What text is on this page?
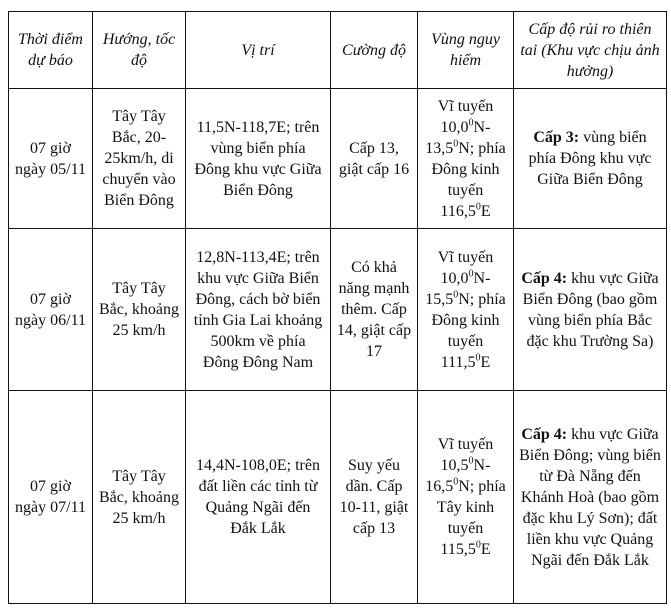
Thời điểm dự báo	Hướng, tốc độ	Vị trí	Cường độ	Vùng nguy hiểm	Cấp độ rủi ro thiên tai (Khu vực chịu ảnh hưởng)
07 giờ ngày 05/11	Tây Tây Bắc, 20-25km/h, di chuyển vào Biển Đông	11,5N-118,7E; trên vùng biển phía Đông khu vực Giữa Biển Đông	Cấp 13, giật cấp 16	Vĩ tuyến 10,0$^0$N- 13,5$^0$N; phía Đông kinh tuyến 116,5$^0$E	Cấp 3: vùng biển phía Đông khu vực Giữa Biển Đông
07 giờ ngày 06/11	Tây Tây Bắc, khoảng 25 km/h	12,8N-113,4E; trên khu vực Giữa Biển Đông, cách bờ biển tỉnh Gia Lai khoảng 500km về phía Đông Đông Nam	Có khả năng mạnh thêm. Cấp 14, giật cấp 17	Vĩ tuyến 10,0$^0$N- 15,5$^0$N; phía Đông kinh tuyến 111,5$^0$E	Cấp 4: khu vực Giữa Biển Đông (bao gồm vùng biển phía Bắc đặc khu Trường Sa)
07 giờ ngày 07/11	Tây Tây Bắc, khoảng 25 km/h	14,4N-108,0E; trên đất liền các tỉnh từ Quảng Ngãi đến Đắk Lắk	Suy yếu dần. Cấp 10-11, giật cấp 13	Vĩ tuyến 10,5$^0$N- 16,5$^0$N; phía Tây kinh tuyến 115,5$^0$E	Cấp 4: khu vực Giữa Biển Đông; vùng biển từ Đà Nẵng đến Khánh Hoà (bao gồm đặc khu Lý Sơn); đất liền khu vực Quảng Ngãi đến Đắk Lắk
